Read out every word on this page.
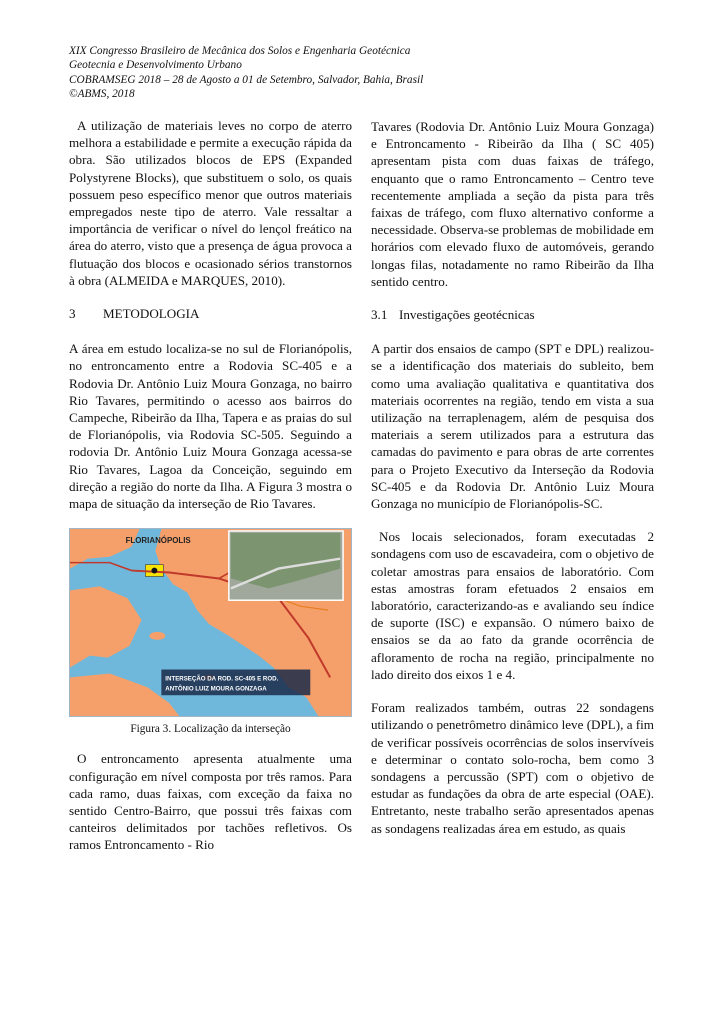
XIX Congresso Brasileiro de Mecânica dos Solos e Engenharia Geotécnica
Geotecnia e Desenvolvimento Urbano
COBRAMSEG 2018 – 28 de Agosto a 01 de Setembro, Salvador, Bahia, Brasil
©ABMS, 2018

A utilização de materiais leves no corpo de aterro melhora a estabilidade e permite a execução rápida da obra. São utilizados blocos de EPS (Expanded Polystyrene Blocks), que substituem o solo, os quais possuem peso específico menor que outros materiais empregados neste tipo de aterro. Vale ressaltar a importância de verificar o nível do lençol freático na área do aterro, visto que a presença de água provoca a flutuação dos blocos e ocasionado sérios transtornos à obra (ALMEIDA e MARQUES, 2010).

3 METODOLOGIA

A área em estudo localiza-se no sul de Florianópolis, no entroncamento entre a Rodovia SC-405 e a Rodovia Dr. Antônio Luiz Moura Gonzaga, no bairro Rio Tavares, permitindo o acesso aos bairros do Campeche, Ribeirão da Ilha, Tapera e as praias do sul de Florianópolis, via Rodovia SC-505. Seguindo a rodovia Dr. Antônio Luiz Moura Gonzaga acessa-se Rio Tavares, Lagoa da Conceição, seguindo em direção a região do norte da Ilha. A Figura 3 mostra o mapa de situação da interseção de Rio Tavares.

INTERSEÇÃO DA ROD. SC-405 E ROD.
ANTÔNIO LUIZ MOURA GONZAGA
FLORIANÓPOLIS
Figura 3. Localização da interseção

O entroncamento apresenta atualmente uma configuração em nível composta por três ramos. Para cada ramo, duas faixas, com exceção da faixa no sentido Centro-Bairro, que possui três faixas com canteiros delimitados por tachões refletivos. Os ramos Entroncamento - Rio

Tavares (Rodovia Dr. Antônio Luiz Moura Gonzaga) e Entroncamento - Ribeirão da Ilha ( SC 405) apresentam pista com duas faixas de tráfego, enquanto que o ramo Entroncamento – Centro teve recentemente ampliada a seção da pista para três faixas de tráfego, com fluxo alternativo conforme a necessidade. Observa-se problemas de mobilidade em horários com elevado fluxo de automóveis, gerando longas filas, notadamente no ramo Ribeirão da Ilha sentido centro.

3.1 Investigações geotécnicas

A partir dos ensaios de campo (SPT e DPL) realizou-se a identificação dos materiais do subleito, bem como uma avaliação qualitativa e quantitativa dos materiais ocorrentes na região, tendo em vista a sua utilização na terraplenagem, além de pesquisa dos materiais a serem utilizados para a estrutura das camadas do pavimento e para obras de arte correntes para o Projeto Executivo da Interseção da Rodovia SC-405 e da Rodovia Dr. Antônio Luiz Moura Gonzaga no município de Florianópolis-SC.

Nos locais selecionados, foram executadas 2 sondagens com uso de escavadeira, com o objetivo de coletar amostras para ensaios de laboratório. Com estas amostras foram efetuados 2 ensaios em laboratório, caracterizando-as e avaliando seu índice de suporte (ISC) e expansão. O número baixo de ensaios se da ao fato da grande ocorrência de afloramento de rocha na região, principalmente no lado direito dos eixos 1 e 4.

Foram realizados também, outras 22 sondagens utilizando o penetrômetro dinâmico leve (DPL), a fim de verificar possíveis ocorrências de solos inservíveis e determinar o contato solo-rocha, bem como 3 sondagens a percussão (SPT) com o objetivo de estudar as fundações da obra de arte especial (OAE). Entretanto, neste trabalho serão apresentados apenas as sondagens realizadas área em estudo, as quais
